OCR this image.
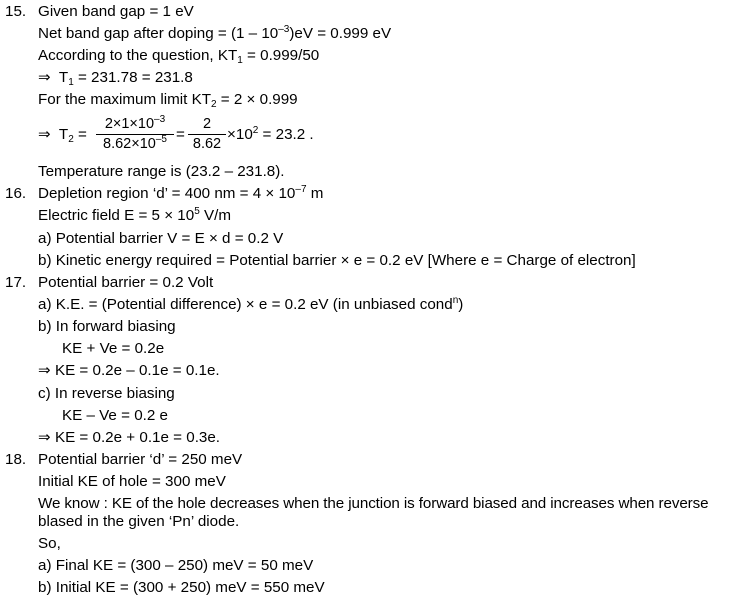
15. Given band gap = 1 eV
Net band gap after doping = $(1 - 10^{-3})eV = 0.999$ eV
According to the question, $KT_1 = 0.999/50$
⇒ $T_1 = 231.78 = 231.8$
For the maximum limit $KT_2 = 2 \times 0.999$
⇒ $T_2 = \frac{2\times 1\times 10^{-3}}{8.62\times 10^{-5}} = \frac{2}{8.62} \times 10^2 = 23.2$ .
Temperature range is (23.2 – 231.8).
16. Depletion region ‘d’ = 400 nm = $4 \times 10^{-7}$ m
Electric field $E = 5 \times 10^5$ V/m
a) Potential barrier V = E × d = 0.2 V
b) Kinetic energy required = Potential barrier × e = 0.2 eV [Where e = Charge of electron]
17. Potential barrier = 0.2 Volt
a) K.E. = (Potential difference) × e = 0.2 eV (in unbiased cond$^n$)
b) In forward biasing
KE + Ve = 0.2e
⇒ KE = 0.2e – 0.1e = 0.1e.
c) In reverse biasing
KE – Ve = 0.2 e
⇒ KE = 0.2e + 0.1e = 0.3e.
18. Potential barrier ‘d’ = 250 meV
Initial KE of hole = 300 meV
We know : KE of the hole decreases when the junction is forward biased and increases when reverse
blased in the given ‘Pn’ diode.
So,
a) Final KE = (300 – 250) meV = 50 meV
b) Initial KE = (300 + 250) meV = 550 meV
